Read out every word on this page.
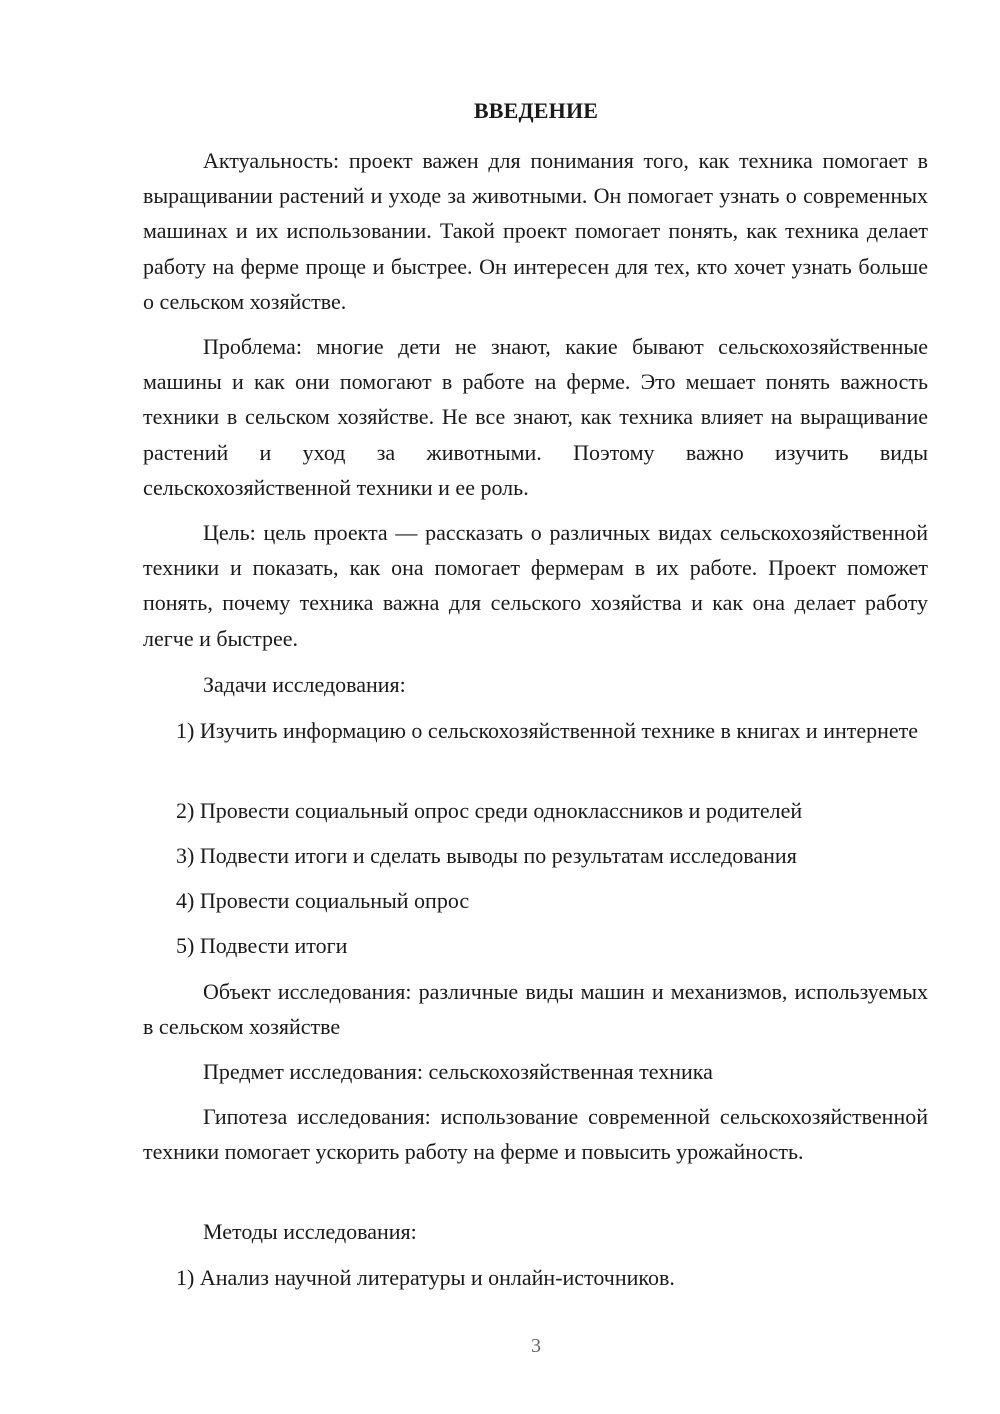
ВВЕДЕНИЕ

Актуальность: проект важен для понимания того, как техника помогает в выращивании растений и уходе за животными. Он помогает узнать о современных машинах и их использовании. Такой проект помогает понять, как техника делает работу на ферме проще и быстрее. Он интересен для тех, кто хочет узнать больше о сельском хозяйстве.

Проблема: многие дети не знают, какие бывают сельскохозяйственные машины и как они помогают в работе на ферме. Это мешает понять важность техники в сельском хозяйстве. Не все знают, как техника влияет на выращивание растений и уход за животными. Поэтому важно изучить виды сельскохозяйственной техники и ее роль.

Цель: цель проекта — рассказать о различных видах сельскохозяйственной техники и показать, как она помогает фермерам в их работе. Проект поможет понять, почему техника важна для сельского хозяйства и как она делает работу легче и быстрее.

Задачи исследования:

1) Изучить информацию о сельскохозяйственной технике в книгах и интернете

2) Провести социальный опрос среди одноклассников и родителей

3) Подвести итоги и сделать выводы по результатам исследования

4) Провести социальный опрос

5) Подвести итоги

Объект исследования: различные виды машин и механизмов, используемых в сельском хозяйстве

Предмет исследования: сельскохозяйственная техника

Гипотеза исследования: использование современной сельскохозяйственной техники помогает ускорить работу на ферме и повысить урожайность.

Методы исследования:

1) Анализ научной литературы и онлайн-источников.

3
